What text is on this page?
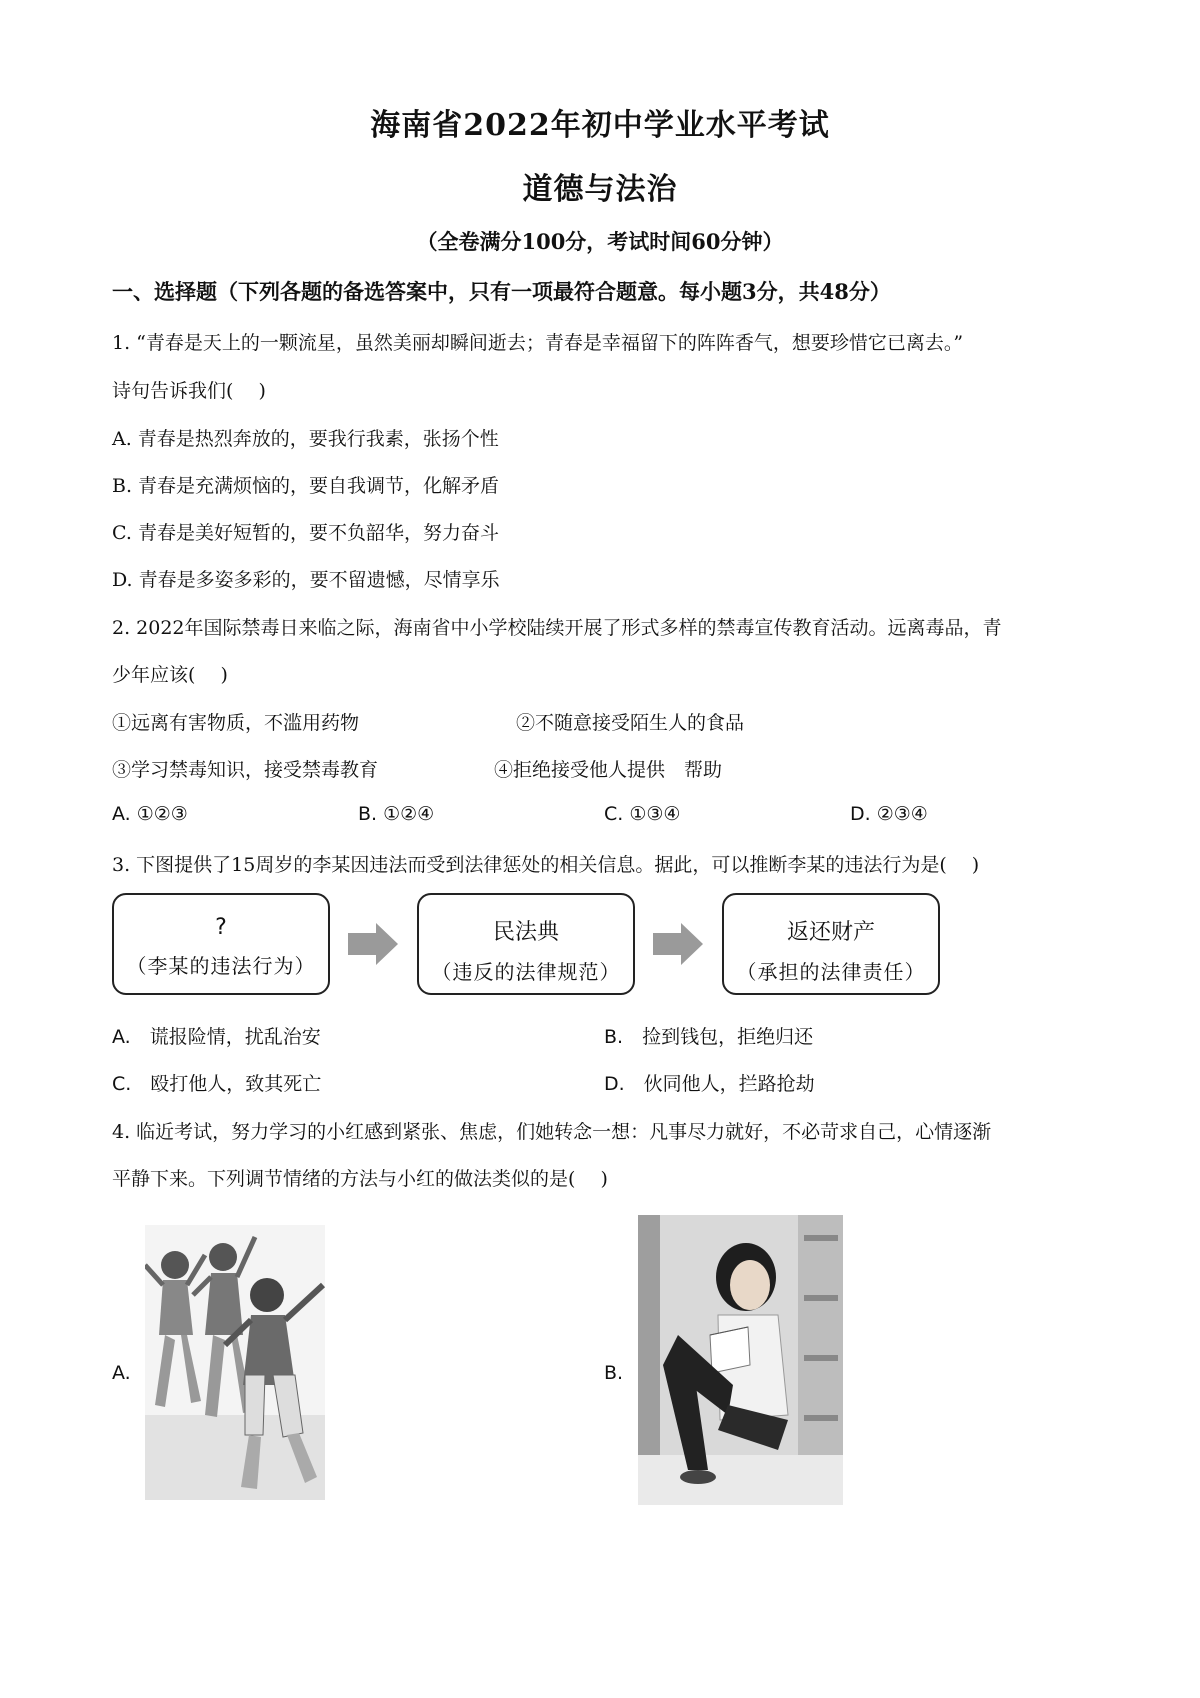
海南省2022年初中学业水平考试
道德与法治
（全卷满分100分，考试时间60分钟）
一、选择题（下列各题的备选答案中，只有一项最符合题意。每小题3分，共48分）
1. “青春是天上的一颗流星，虽然美丽却瞬间逝去；青春是幸福留下的阵阵香气，想要珍惜它已离去。”
诗句告诉我们(　 )
A. 青春是热烈奔放的，要我行我素，张扬个性
B. 青春是充满烦恼的，要自我调节，化解矛盾
C. 青春是美好短暂的，要不负韶华，努力奋斗
D. 青春是多姿多彩的，要不留遗憾，尽情享乐
2. 2022年国际禁毒日来临之际，海南省中小学校陆续开展了形式多样的禁毒宣传教育活动。远离毒品，青
少年应该(　 )
①远离有害物质，不滥用药物	②不随意接受陌生人的食品
③学习禁毒知识，接受禁毒教育	④拒绝接受他人提供　帮助
A. ①②③	B. ①②④	C. ①③④	D. ②③④
3. 下图提供了15周岁的李某因违法而受到法律惩处的相关信息。据此，可以推断李某的违法行为是(　 )
?
（李某的违法行为）
民法典
（违反的法律规范）
返还财产
（承担的法律责任）
A.　谎报险情，扰乱治安	B.　捡到钱包，拒绝归还
C.　殴打他人，致其死亡	D.　伙同他人，拦路抢劫
4. 临近考试，努力学习的小红感到紧张、焦虑，们她转念一想：凡事尽力就好，不必苛求自己，心情逐渐
平静下来。下列调节情绪的方法与小红的做法类似的是(　 )
A.	B.
